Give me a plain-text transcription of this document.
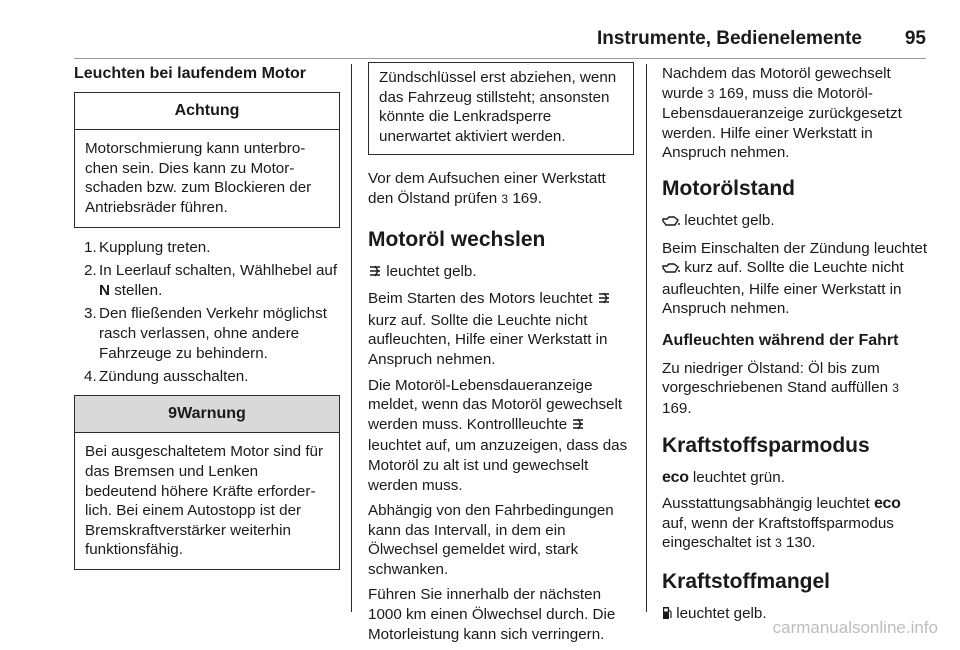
Instrumente, Bedienelemente 95
Leuchten bei laufendem Motor
Achtung
Motorschmierung kann unterbrochen sein. Dies kann zu Motorschaden bzw. zum Blockieren der Antriebsräder führen.
1. Kupplung treten.
2. In Leerlauf schalten, Wählhebel auf N stellen.
3. Den fließenden Verkehr möglichst rasch verlassen, ohne andere Fahrzeuge zu behindern.
4. Zündung ausschalten.
9Warnung
Bei ausgeschaltetem Motor sind für das Bremsen und Lenken bedeutend höhere Kräfte erforderlich. Bei einem Autostopp ist der Bremskraftverstärker weiterhin funktionsfähig.
Zündschlüssel erst abziehen, wenn das Fahrzeug stillsteht; ansonsten könnte die Lenkradsperre unerwartet aktiviert werden.

Vor dem Aufsuchen einer Werkstatt den Ölstand prüfen 3 169.

Motoröl wechslen

leuchtet gelb.

Beim Starten des Motors leuchtet  kurz auf. Sollte die Leuchte nicht aufleuchten, Hilfe einer Werkstatt in Anspruch nehmen.

Die Motoröl-Lebensdaueranzeige meldet, wenn das Motoröl gewechselt werden muss. Kontrollleuchte  leuchtet auf, um anzuzeigen, dass das Motoröl zu alt ist und gewechselt werden muss.

Abhängig von den Fahrbedingungen kann das Intervall, in dem ein Ölwechsel gemeldet wird, stark schwanken.

Führen Sie innerhalb der nächsten 1000 km einen Ölwechsel durch. Die Motorleistung kann sich verringern.

Nachdem das Motoröl gewechselt wurde 3 169, muss die Motoröl-Lebensdaueranzeige zurückgesetzt werden. Hilfe einer Werkstatt in Anspruch nehmen.

Motorölstand

leuchtet gelb.

Beim Einschalten der Zündung leuchtet  kurz auf. Sollte die Leuchte nicht aufleuchten, Hilfe einer Werkstatt in Anspruch nehmen.

Aufleuchten während der Fahrt

Zu niedriger Ölstand: Öl bis zum vorgeschriebenen Stand auffüllen 3 169.

Kraftstoffsparmodus

eco leuchtet grün.

Ausstattungsabhängig leuchtet eco auf, wenn der Kraftstoffsparmodus eingeschaltet ist 3 130.

Kraftstoffmangel

leuchtet gelb.

carmanualsonline.info
